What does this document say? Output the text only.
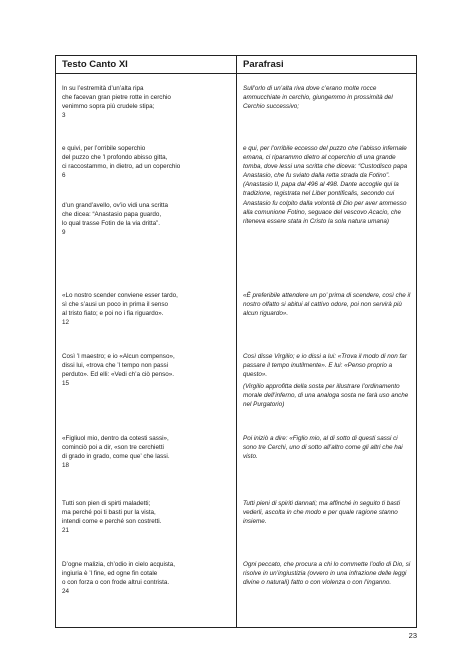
Testo Canto XI
In su l’estremità d’un’alta ripa
che facevan gran pietre rotte in cerchio
venimmo sopra più crudele stipa;
3
e quivi, per l’orribile soperchio
del puzzo che ’l profondo abisso gitta,
ci raccostammo, in dietro, ad un coperchio
6
d’un grand’avello, ov’io vidi una scritta
che dicea: “Anastasio papa guardo,
lo qual trasse Fotin de la via dritta”.
9
«Lo nostro scender conviene esser tardo,
sì che s’ausi un poco in prima il senso
al tristo fiato; e poi no i fia riguardo».
12
Così ’l maestro; e io «Alcun compenso»,
dissi lui, «trova che ’l tempo non passi
perduto». Ed elli: «Vedi ch’a ciò penso».
15
«Figliuol mio, dentro da cotesti sassi»,
cominciò poi a dir, «son tre cerchietti
di grado in grado, come que’ che lassi.
18
Tutti son pien di spirti maladetti;
ma perché poi ti basti pur la vista,
intendi come e perché son costretti.
21
D’ogne malizia, ch’odio in cielo acquista,
ingiuria è ’l fine, ed ogne fin cotale
o con forza o con frode altrui contrista.
24
Parafrasi
Sull’orlo di un’alta riva dove c’erano molte rocce ammucchiate in cerchio, giungemmo in prossimità del Cerchio successivo;
e qui, per l’orribile eccesso del puzzo che l’abisso infernale emana, ci riparammo dietro al coperchio di una grande tomba, dove lessi una scritta che diceva: “Custodisco papa Anastasio, che fu sviato dalla retta strada da Fotino”. (Anastasio II, papa dal 496 al 498. Dante accoglie qui la tradizione, registrata nel Liber pontificalis, secondo cui Anastasio fu colpito dalla volontà di Dio per aver ammesso alla comunione Fotino, seguace del vescovo Acacio, che riteneva essere stata in Cristo la sola natura umana)
«È preferibile attendere un po’ prima di scendere, così che il nostro olfatto si abitui al cattivo odore, poi non servirà più alcun riguardo».
Così disse Virgilio; e io dissi a lui: «Trova il modo di non far passare il tempo inutilmente». E lui: «Penso proprio a questo».
(Virgilio approfitta della sosta per illustrare l’ordinamento morale dell’inferno, di una analoga sosta ne farà uso anche nel Purgatorio)
Poi iniziò a dire: «Figlio mio, al di sotto di questi sassi ci sono tre Cerchi, uno di sotto all’altro come gli altri che hai visto.
Tutti pieni di spiriti dannati; ma affinché in seguito ti basti vederli, ascolta in che modo e per quale ragione stanno insieme.
Ogni peccato, che procura a chi lo commette l’odio di Dio, si risolve in un’ingiustizia (ovvero in una infrazione delle leggi divine o naturali) fatto o con violenza o con l’inganno.
23
